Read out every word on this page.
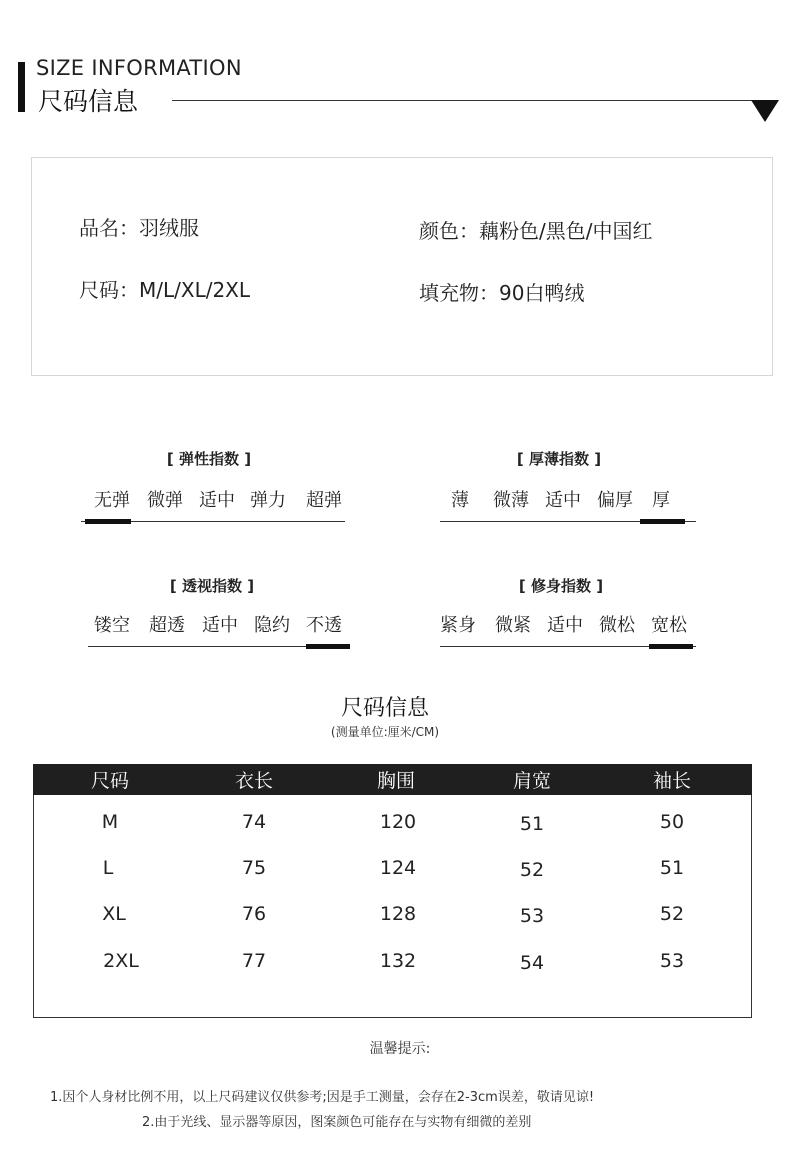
SIZE INFORMATION
尺码信息
品名：羽绒服	颜色：藕粉色/黑色/中国红
尺码：M/L/XL/2XL	填充物：90白鸭绒
[ 弹性指数 ]
无弹 微弹 适中 弹力 超弹
[ 厚薄指数 ]
薄 微薄 适中 偏厚 厚
[ 透视指数 ]
镂空 超透 适中 隐约 不透
[ 修身指数 ]
紧身 微紧 适中 微松 宽松
尺码信息
(测量单位:厘米/CM)
尺码	衣长	胸围	肩宽	袖长
M	74	120	51	50
L	75	124	52	51
XL	76	128	53	52
2XL	77	132	54	53
温馨提示:
1.因个人身材比例不用，以上尺码建议仅供参考;因是手工测量，会存在2-3cm误差，敬请见谅!
2.由于光线、显示器等原因，图案颜色可能存在与实物有细微的差别
